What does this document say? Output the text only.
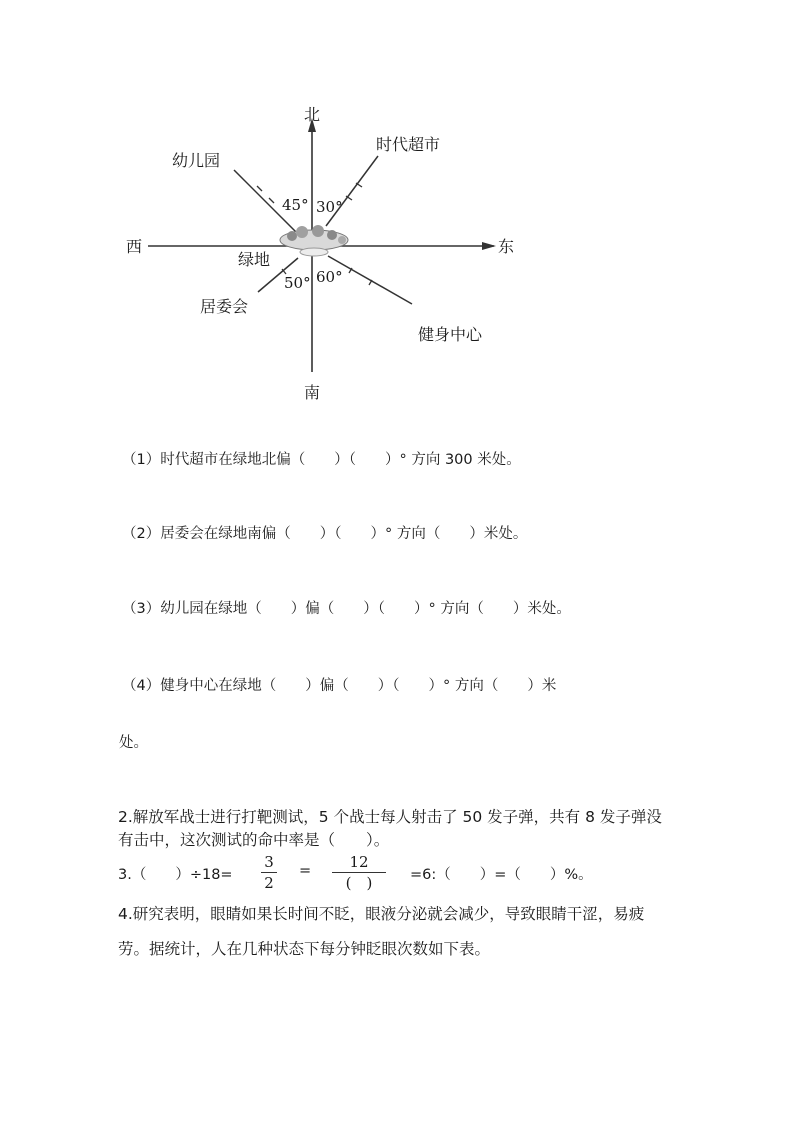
北
南
东
西
绿地
时代超市
幼儿园
居委会
健身中心
30°
45°
50° 60°
（1）时代超市在绿地北偏（　　）（　　）° 方向 300 米处。
（2）居委会在绿地南偏（　　）（　　）° 方向（　　）米处。
（3）幼儿园在绿地（　　）偏（　　）（　　）° 方向（　　）米处。
（4）健身中心在绿地（　　）偏（　　）（　　）° 方向（　　）米
处。
2.解放军战士进行打靶测试，5 个战士每人射击了 50 发子弹，共有 8 发子弹没
有击中，这次测试的命中率是（　　）。
3.（　　）÷18=
3
2
=	12
(　)	=6:（　　）=（　　）%。
4.研究表明，眼睛如果长时间不眨，眼液分泌就会减少，导致眼睛干涩，易疲
劳。据统计，人在几种状态下每分钟眨眼次数如下表。
